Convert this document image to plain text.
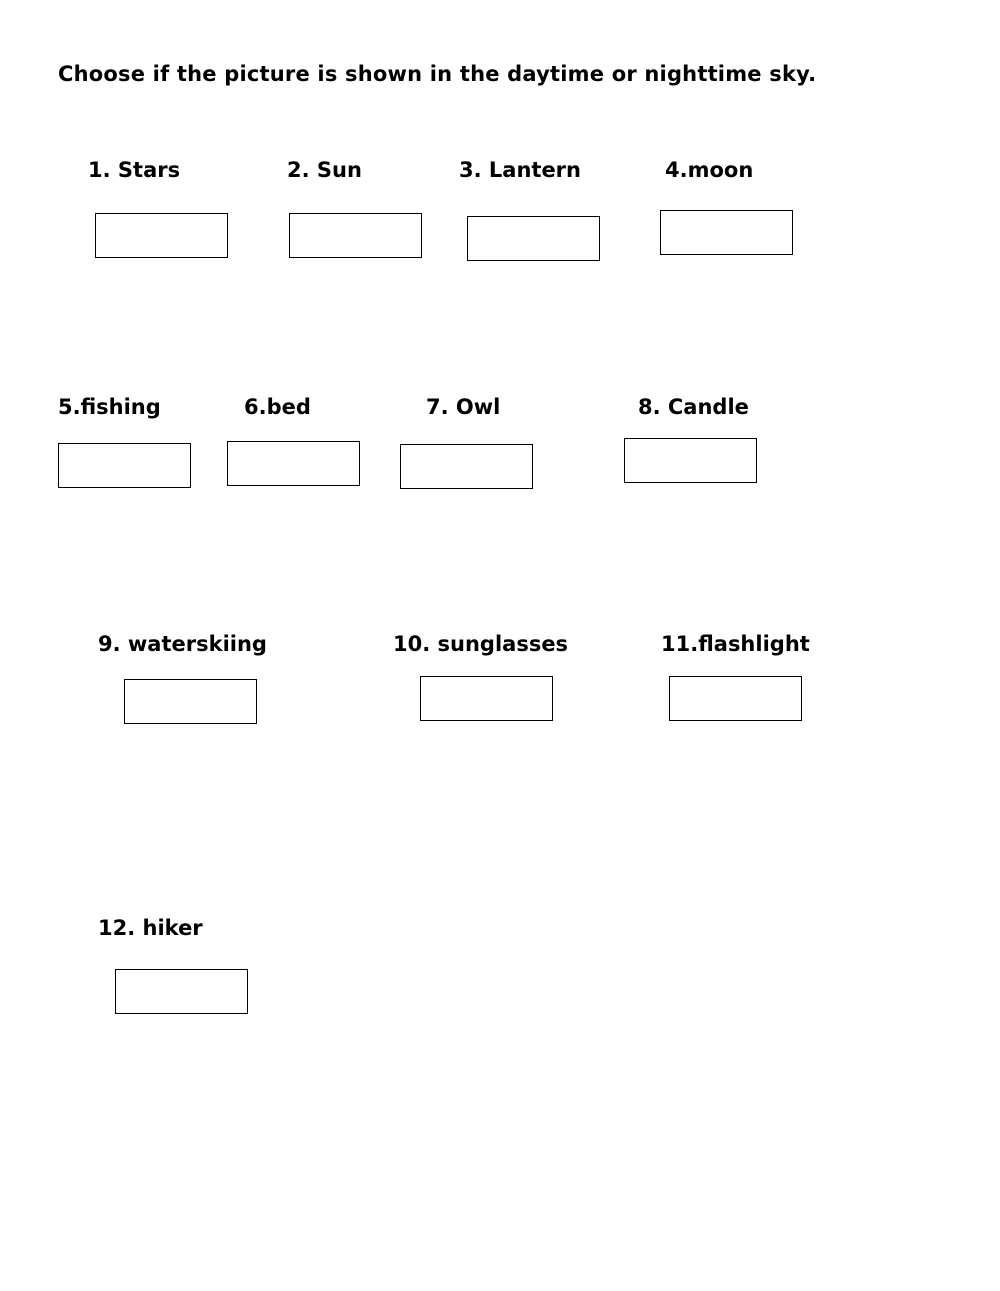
Choose if the picture is shown in the daytime or nighttime sky.
1. Stars	2. Sun	3. Lantern	4.moon
5.fishing	6.bed	7. Owl	8. Candle
9. waterskiing	10. sunglasses	11.flashlight
12. hiker
